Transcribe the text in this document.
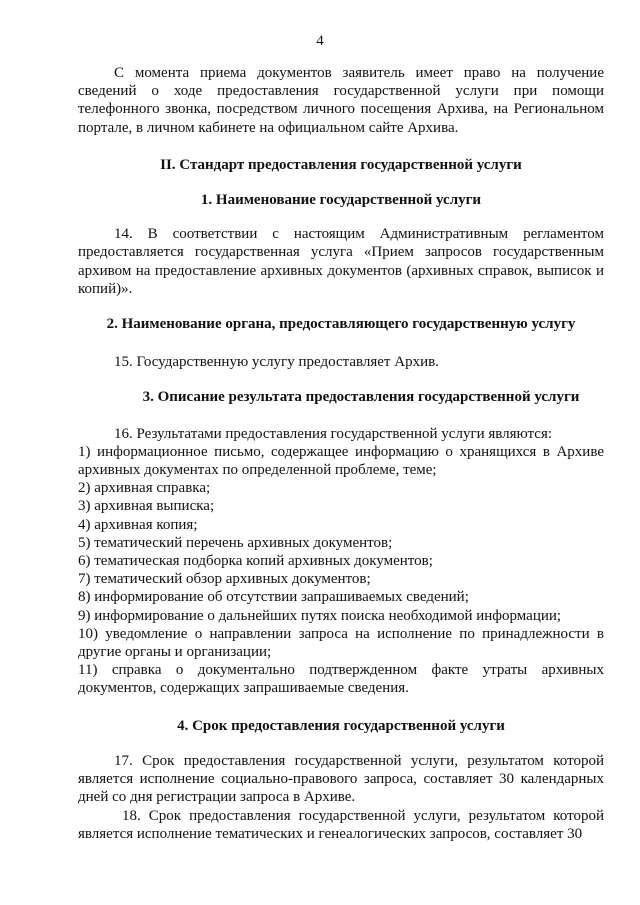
4

С момента приема документов заявитель имеет право на получение сведений о ходе предоставления государственной услуги при помощи телефонного звонка, посредством личного посещения Архива, на Региональном портале, в личном кабинете на официальном сайте Архива.

II. Стандарт предоставления государственной услуги

1. Наименование государственной услуги

14. В соответствии с настоящим Административным регламентом предоставляется государственная услуга «Прием запросов государственным архивом на предоставление архивных документов (архивных справок, выписок и копий)».

2. Наименование органа, предоставляющего государственную услугу

15. Государственную услугу предоставляет Архив.

3. Описание результата предоставления государственной услуги

16. Результатами предоставления государственной услуги являются:

1) информационное письмо, содержащее информацию о хранящихся в Архиве архивных документах по определенной проблеме, теме;

2) архивная справка;

3) архивная выписка;

4) архивная копия;

5) тематический перечень архивных документов;

6) тематическая подборка копий архивных документов;

7) тематический обзор архивных документов;

8) информирование об отсутствии запрашиваемых сведений;

9) информирование о дальнейших путях поиска необходимой информации;

10) уведомление о направлении запроса на исполнение по принадлежности в другие органы и организации;

11) справка о документально подтвержденном факте утраты архивных документов, содержащих запрашиваемые сведения.

4. Срок предоставления государственной услуги

17. Срок предоставления государственной услуги, результатом которой является исполнение социально-правового запроса, составляет 30 календарных дней со дня регистрации запроса в Архиве.

18. Срок предоставления государственной услуги, результатом которой является исполнение тематических и генеалогических запросов, составляет 30
